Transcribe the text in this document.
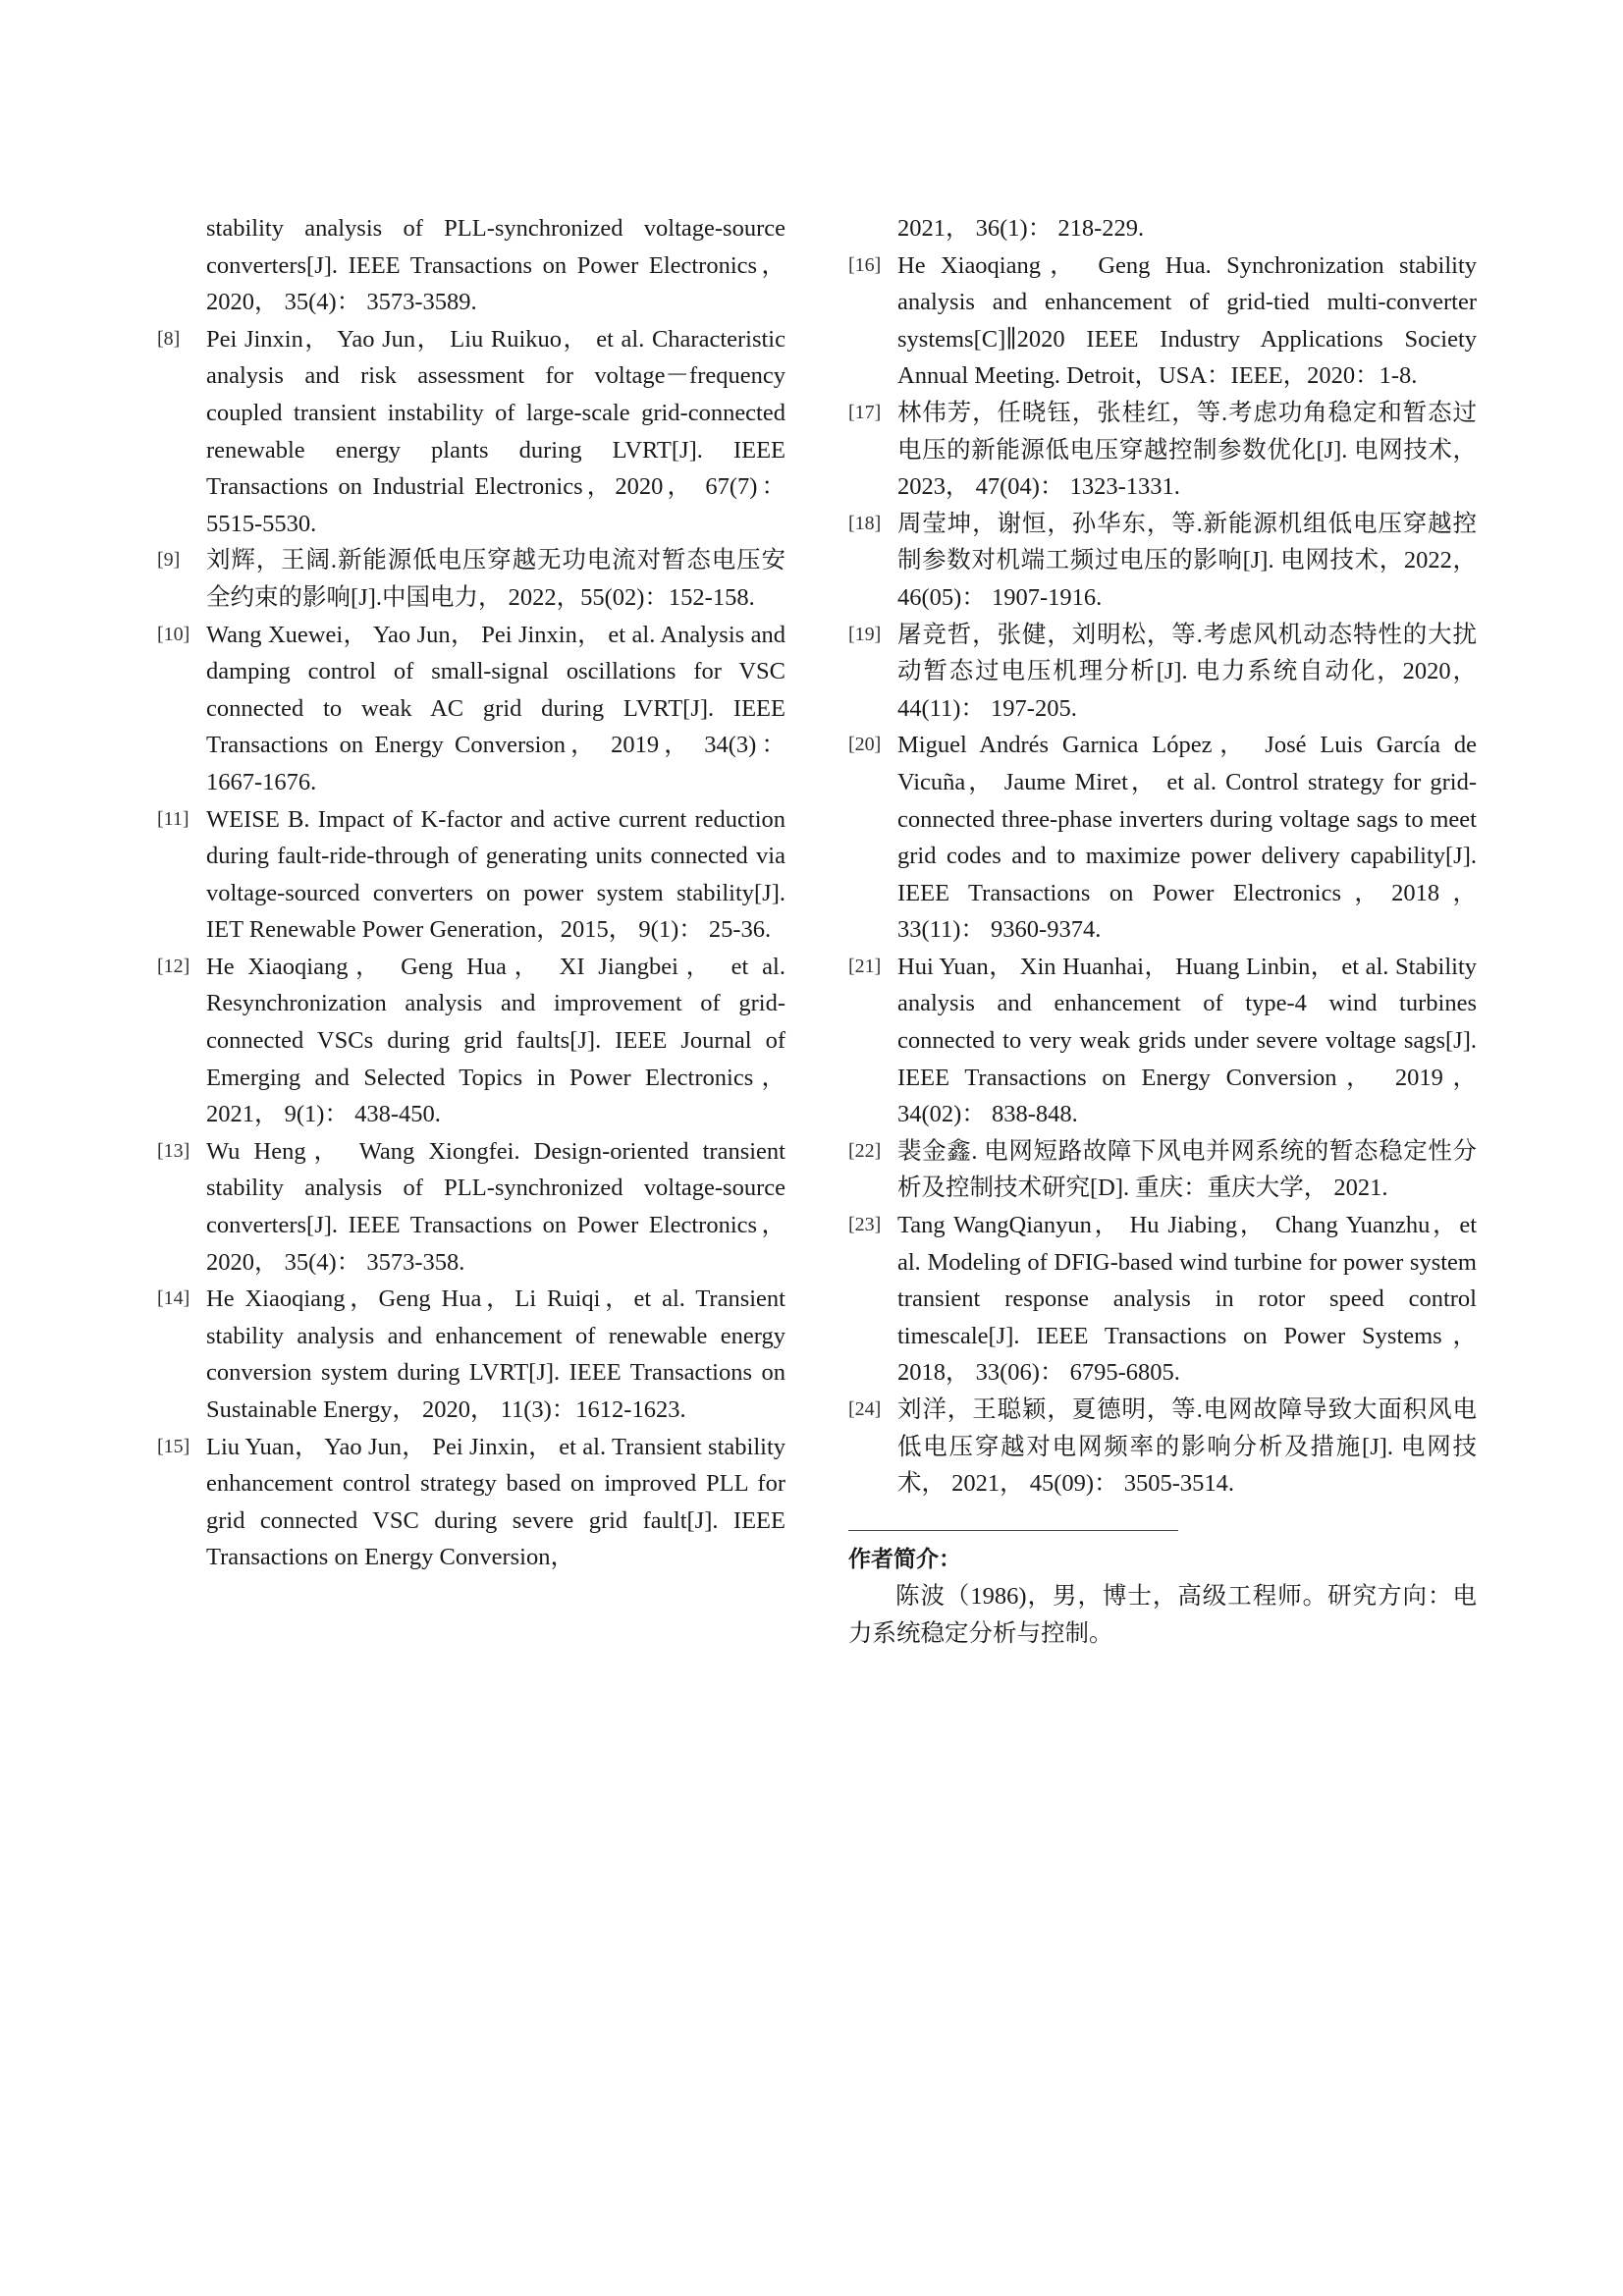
stability analysis of PLL-synchronized voltage-source converters[J]. IEEE Transactions on Power Electronics，2020， 35(4)： 3573-3589.
[8] Pei Jinxin， Yao Jun， Liu Ruikuo， et al. Characteristic analysis and risk assessment for voltage－frequency coupled transient instability of large-scale grid-connected renewable energy plants during LVRT[J]. IEEE Transactions on Industrial Electronics，2020， 67(7)： 5515-5530.
[9] 刘辉，王阔.新能源低电压穿越无功电流对暂态电压安全约束的影响[J].中国电力， 2022，55(02)：152-158.
[10] Wang Xuewei， Yao Jun， Pei Jinxin， et al. Analysis and damping control of small-signal oscillations for VSC connected to weak AC grid during LVRT[J]. IEEE Transactions on Energy Conversion， 2019， 34(3)：1667-1676.
[11] WEISE B. Impact of K-factor and active current reduction during fault-ride-through of generating units connected via voltage-sourced converters on power system stability[J]. IET Renewable Power Generation，2015， 9(1)： 25-36.
[12] He Xiaoqiang， Geng Hua， XI Jiangbei， et al. Resynchronization analysis and improvement of grid-connected VSCs during grid faults[J]. IEEE Journal of Emerging and Selected Topics in Power Electronics， 2021， 9(1)： 438-450.
[13] Wu Heng， Wang Xiongfei. Design-oriented transient stability analysis of PLL-synchronized voltage-source converters[J]. IEEE Transactions on Power Electronics，2020， 35(4)： 3573-358.
[14] He Xiaoqiang，Geng Hua，Li Ruiqi，et al. Transient stability analysis and enhancement of renewable energy conversion system during LVRT[J]. IEEE Transactions on Sustainable Energy， 2020， 11(3)：1612-1623.
[15] Liu Yuan， Yao Jun， Pei Jinxin， et al. Transient stability enhancement control strategy based on improved PLL for grid connected VSC during severe grid fault[J]. IEEE Transactions on Energy Conversion，
2021， 36(1)： 218-229.
[16] He Xiaoqiang， Geng Hua. Synchronization stability analysis and enhancement of grid-tied multi-converter systems[C]∥2020 IEEE Industry Applications Society Annual Meeting. Detroit，USA：IEEE，2020：1-8.
[17] 林伟芳，任晓钰，张桂红，等.考虑功角稳定和暂态过电压的新能源低电压穿越控制参数优化[J]. 电网技术， 2023， 47(04)： 1323-1331.
[18] 周莹坤，谢恒，孙华东，等.新能源机组低电压穿越控制参数对机端工频过电压的影响[J]. 电网技术，2022， 46(05)： 1907-1916.
[19] 屠竞哲，张健，刘明松，等.考虑风机动态特性的大扰动暂态过电压机理分析[J]. 电力系统自动化，2020，44(11)： 197-205.
[20] Miguel Andrés Garnica López， José Luis García de Vicuña， Jaume Miret， et al. Control strategy for grid-connected three-phase inverters during voltage sags to meet grid codes and to maximize power delivery capability[J]. IEEE Transactions on Power Electronics，2018， 33(11)： 9360-9374.
[21] Hui Yuan， Xin Huanhai， Huang Linbin， et al. Stability analysis and enhancement of type-4 wind turbines connected to very weak grids under severe voltage sags[J]. IEEE Transactions on Energy Conversion， 2019， 34(02)： 838-848.
[22] 裴金鑫. 电网短路故障下风电并网系统的暂态稳定性分析及控制技术研究[D]. 重庆：重庆大学， 2021.
[23] Tang WangQianyun， Hu Jiabing， Chang Yuanzhu，et al. Modeling of DFIG-based wind turbine for power system transient response analysis in rotor speed control timescale[J]. IEEE Transactions on Power Systems， 2018， 33(06)： 6795-6805.
[24] 刘洋，王聪颖，夏德明，等.电网故障导致大面积风电低电压穿越对电网频率的影响分析及措施[J]. 电网技术， 2021， 45(09)： 3505-3514.
作者简介：
陈波（1986)，男，博士，高级工程师。研究方向：电力系统稳定分析与控制。
